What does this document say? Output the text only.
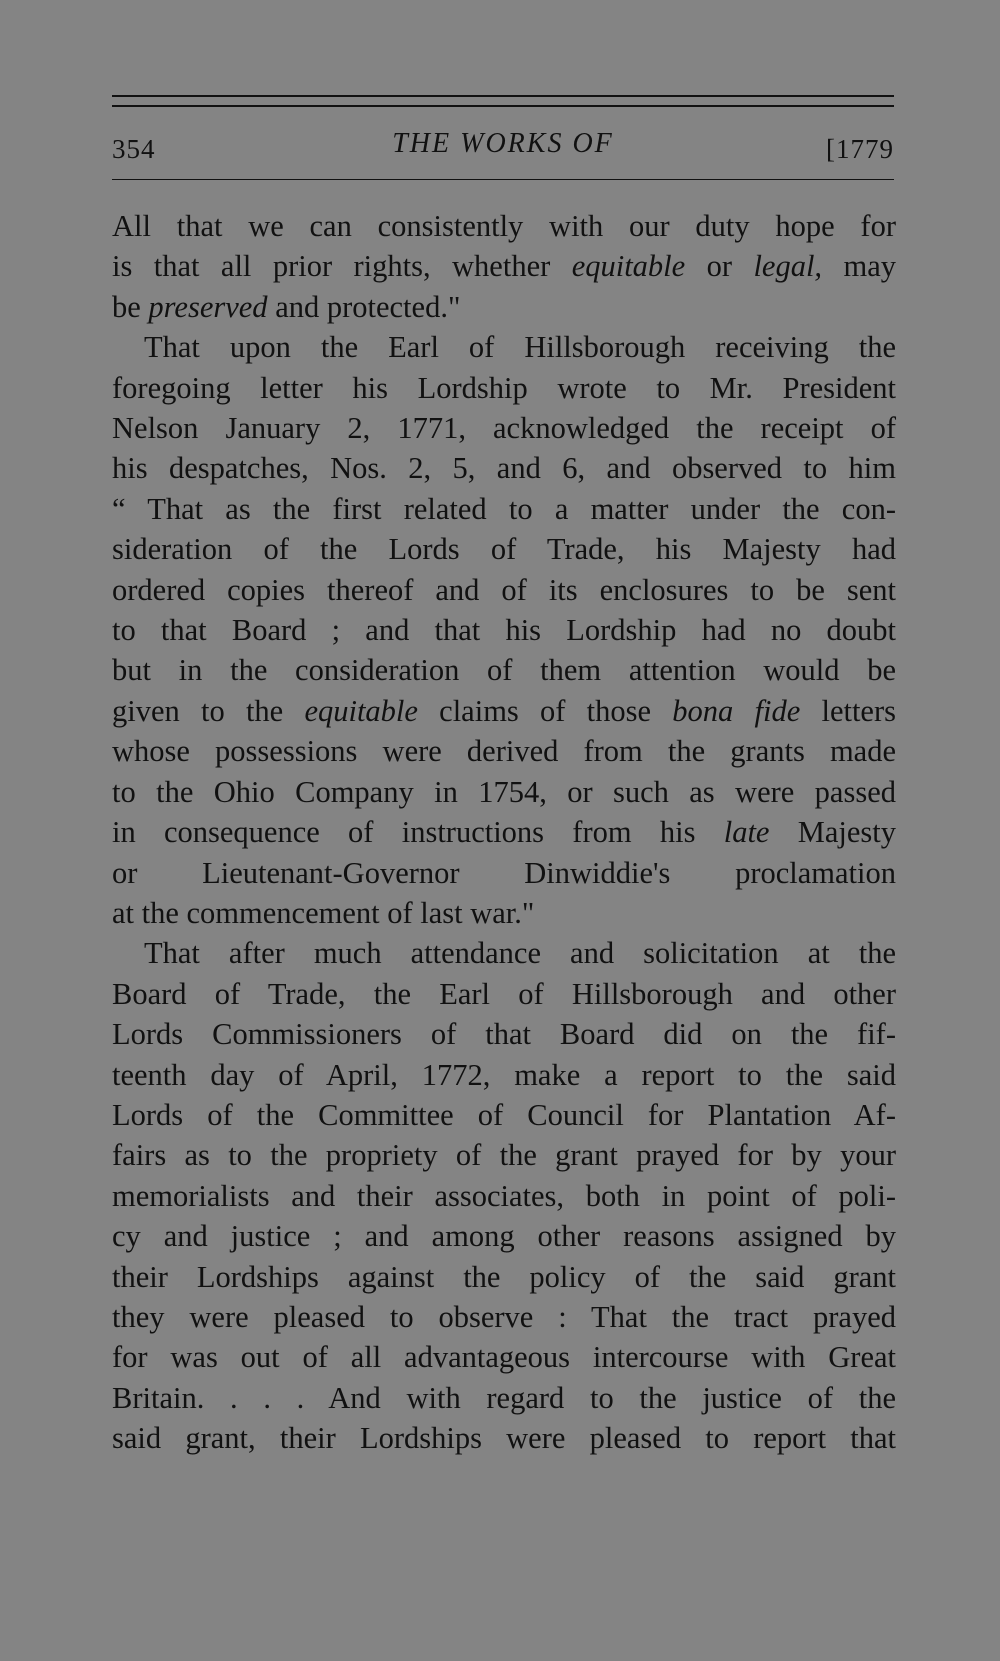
354	THE WORKS OF	[1779
All that we can consistently with our duty hope for
is that all prior rights, whether equitable or legal, may
be preserved and protected."
That upon the Earl of Hillsborough receiving the
foregoing letter his Lordship wrote to Mr. President
Nelson January 2, 1771, acknowledged the receipt of
his despatches, Nos. 2, 5, and 6, and observed to him
“ That as the first related to a matter under the con-
sideration of the Lords of Trade, his Majesty had
ordered copies thereof and of its enclosures to be sent
to that Board ; and that his Lordship had no doubt
but in the consideration of them attention would be
given to the equitable claims of those bona fide letters
whose possessions were derived from the grants made
to the Ohio Company in 1754, or such as were passed
in consequence of instructions from his late Majesty
or Lieutenant-Governor Dinwiddie's proclamation
at the commencement of last war."
That after much attendance and solicitation at the
Board of Trade, the Earl of Hillsborough and other
Lords Commissioners of that Board did on the fif-
teenth day of April, 1772, make a report to the said
Lords of the Committee of Council for Plantation Af-
fairs as to the propriety of the grant prayed for by your
memorialists and their associates, both in point of poli-
cy and justice ; and among other reasons assigned by
their Lordships against the policy of the said grant
they were pleased to observe : That the tract prayed
for was out of all advantageous intercourse with Great
Britain. . . . And with regard to the justice of the
said grant, their Lordships were pleased to report that
